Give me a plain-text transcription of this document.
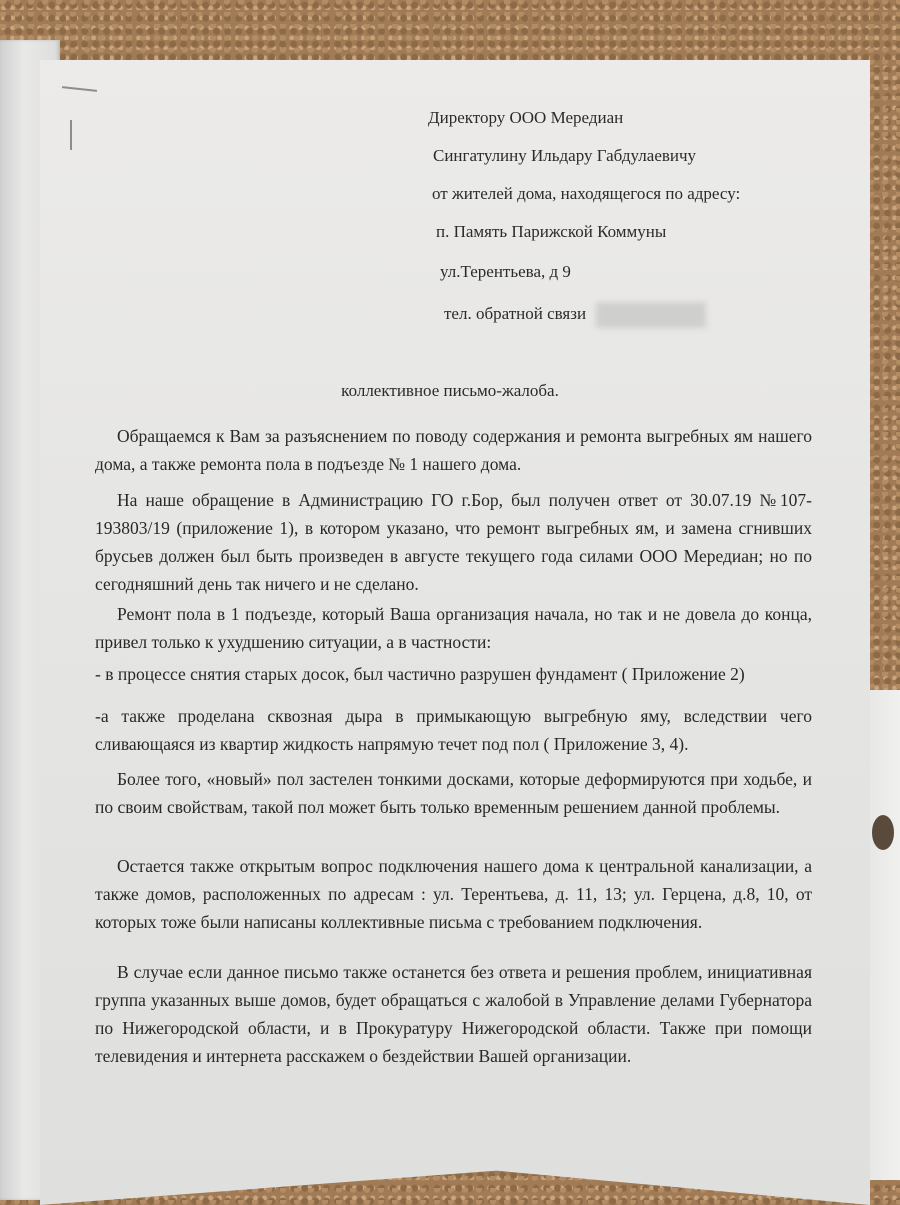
Директору ООО Мередиан
Сингатулину Ильдару Габдулаевичу
от жителей дома, находящегося по адресу:
п. Память Парижской Коммуны
ул.Терентьева, д 9
тел. обратной связи
коллективное письмо-жалоба.
Обращаемся к Вам за разъяснением по поводу содержания и ремонта выгребных ям нашего дома, а также ремонта пола в подъезде № 1 нашего дома.
На наше обращение в Администрацию ГО г.Бор, был получен ответ от 30.07.19 №107-193803/19 (приложение 1), в котором указано, что ремонт выгребных ям, и замена сгнивших брусьев должен был быть произведен в августе текущего года силами ООО Мередиан; но по сегодняшний день так ничего и не сделано.
Ремонт пола в 1 подъезде, который Ваша организация начала, но так и не довела до конца, привел только к ухудшению ситуации, а в частности:
- в процессе снятия старых досок, был частично разрушен фундамент ( Приложение 2)
-а также проделана сквозная дыра в примыкающую выгребную яму, вследствии чего сливающаяся из квартир жидкость напрямую течет под пол ( Приложение 3, 4).
Более того, «новый» пол застелен тонкими досками, которые деформируются при ходьбе, и по своим свойствам, такой пол может быть только временным решением данной проблемы.
Остается также открытым вопрос подключения нашего дома к центральной канализации, а также домов, расположенных по адресам : ул. Терентьева, д. 11, 13; ул. Герцена, д.8, 10, от которых тоже были написаны коллективные письма с требованием подключения.
В случае если данное письмо также останется без ответа и решения проблем, инициативная группа указанных выше домов, будет обращаться с жалобой в Управление делами Губернатора по Нижегородской области, и в Прокуратуру Нижегородской области. Также при помощи телевидения и интернета расскажем о бездействии Вашей организации.
